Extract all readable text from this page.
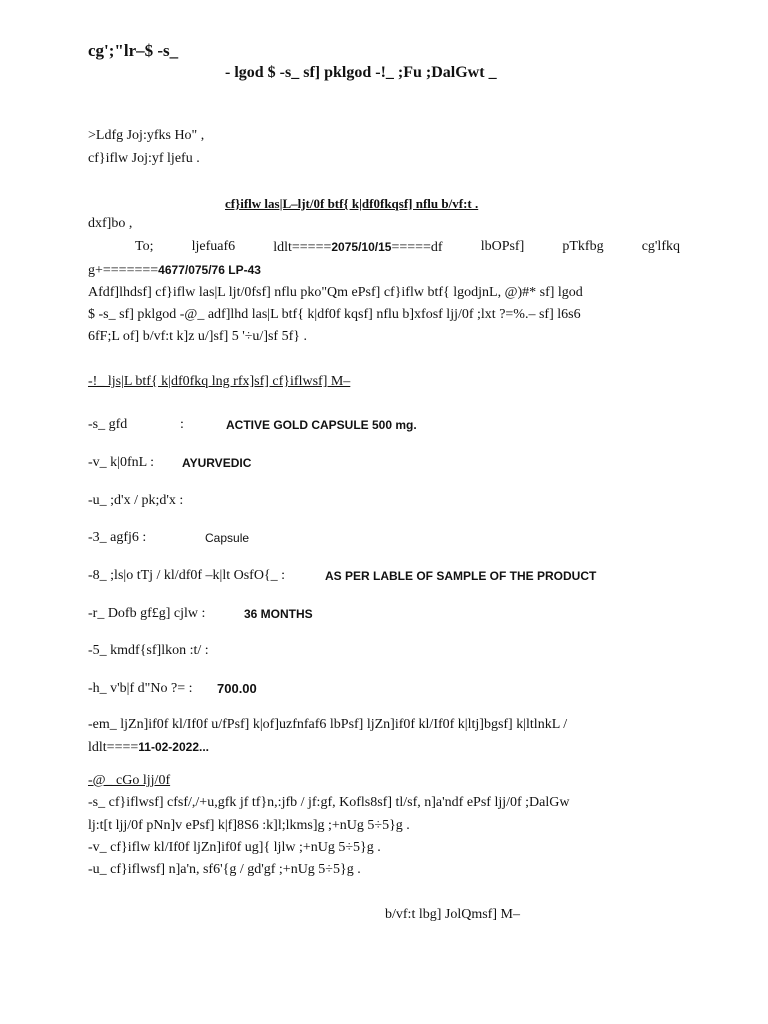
cg';"lr–$ -s_
- lgod $ -s_ sf] pklgod -!_ ;Fu ;DalGwt _
>Ldfg Joj:yfks Ho" ,
cf}iflw Joj:yf ljefu .
cf}iflw las|L–ljt/0f btf{ k|df0fkqsf] nflu b/vf:t .
dxf]bo ,
To;	ljefuaf6	ldlt=====2075/10/15=====df	lbOPsf]	pTkfbg	cg'lfkq
g+=======4677/075/76 LP-43
Afdf]lhdsf] cf}iflw las|L ljt/0fsf] nflu pko"Qm ePsf] cf}iflw btf{ lgodjnL, @)#* sf] lgod
$ -s_ sf] pklgod -@_ adf]lhd las|L btf{ k|df0f kqsf] nflu b]xfosf ljj/0f ;lxt ?=%.– sf] l6s6
6fF;L of] b/vf:t k]z u/]sf] 5 '÷u/]sf 5f} .
-!_ ljs|L btf{ k|df0fkq lng rfx]sf] cf}iflwsf] M–
-s_ gfd	:	ACTIVE GOLD CAPSULE 500 mg.
-v_ k|0fnL : AYURVEDIC
-u_ ;d'x / pk;d'x :
-3_ agfj6 :	Capsule
-8_ ;ls|o tTj / kl/df0f –k|lt OsfO{_ :	AS PER LABLE OF SAMPLE OF THE PRODUCT
-r_ Dofb gf£g] cjlw :	36 MONTHS
-5_ kmdf{sf]lkon :t/ :
-h_ v'b|f d"No ?= : 700.00
-em_ ljZn]if0f kl/If0f u/fPsf] k|of]uzfnfaf6 lbPsf] ljZn]if0f kl/If0f k|ltj]bgsf] k|ltlnkL /
ldlt====11-02-2022...
-@_ cGo ljj/0f
-s_ cf}iflwsf] cfsf/,/+u,gfk jf tf}n,:jfb / jf:gf, Kofls8sf] tl/sf, n]a'ndf ePsf ljj/0f ;DalGw
lj:t[t ljj/0f pNn]v ePsf] k|f]8S6 :k]l;lkms]g ;+nUg 5÷5}g .
-v_ cf}iflw kl/If0f ljZn]if0f ug]{ ljlw ;+nUg 5÷5}g .
-u_ cf}iflwsf] n]a'n, sf6'{g / gd'gf ;+nUg 5÷5}g .
b/vf:t lbg] JolQmsf] M–
